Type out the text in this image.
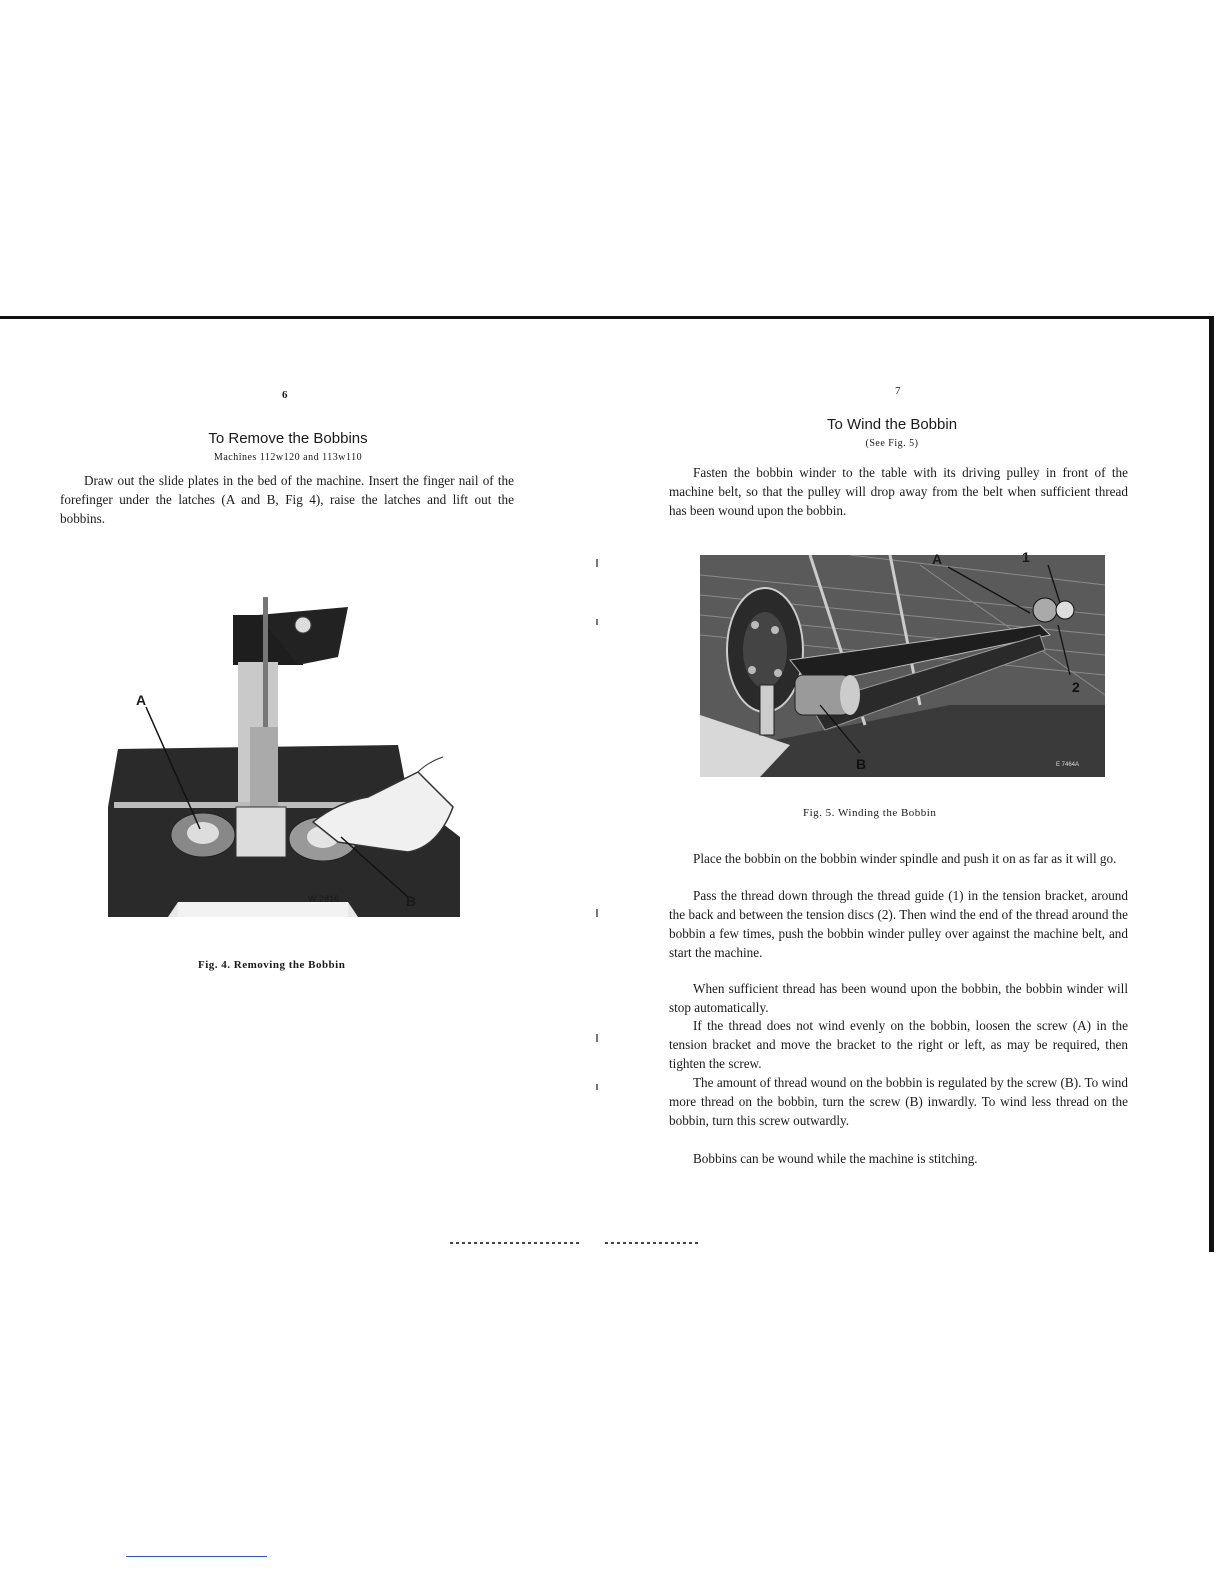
6
To Remove the Bobbins
Machines 112w120 and 113w110

Draw out the slide plates in the bed of the machine. Insert the finger nail of the forefinger under the latches (A and B, Fig 4), raise the latches and lift out the bobbins.

A
B
W 2816
Fig. 4. Removing the Bobbin
7
To Wind the Bobbin
(See Fig. 5)

Fasten the bobbin winder to the table with its driving pulley in front of the machine belt, so that the pulley will drop away from the belt when sufficient thread has been wound upon the bobbin.

A	1
2
B	E 7464A
Fig. 5. Winding the Bobbin

Place the bobbin on the bobbin winder spindle and push it on as far as it will go.

Pass the thread down through the thread guide (1) in the tension bracket, around the back and between the tension discs (2). Then wind the end of the thread around the bobbin a few times, push the bobbin winder pulley over against the machine belt, and start the machine.

When sufficient thread has been wound upon the bobbin, the bobbin winder will stop automatically.

If the thread does not wind evenly on the bobbin, loosen the screw (A) in the tension bracket and move the bracket to the right or left, as may be required, then tighten the screw.

The amount of thread wound on the bobbin is regulated by the screw (B). To wind more thread on the bobbin, turn the screw (B) inwardly. To wind less thread on the bobbin, turn this screw outwardly.

Bobbins can be wound while the machine is stitching.
